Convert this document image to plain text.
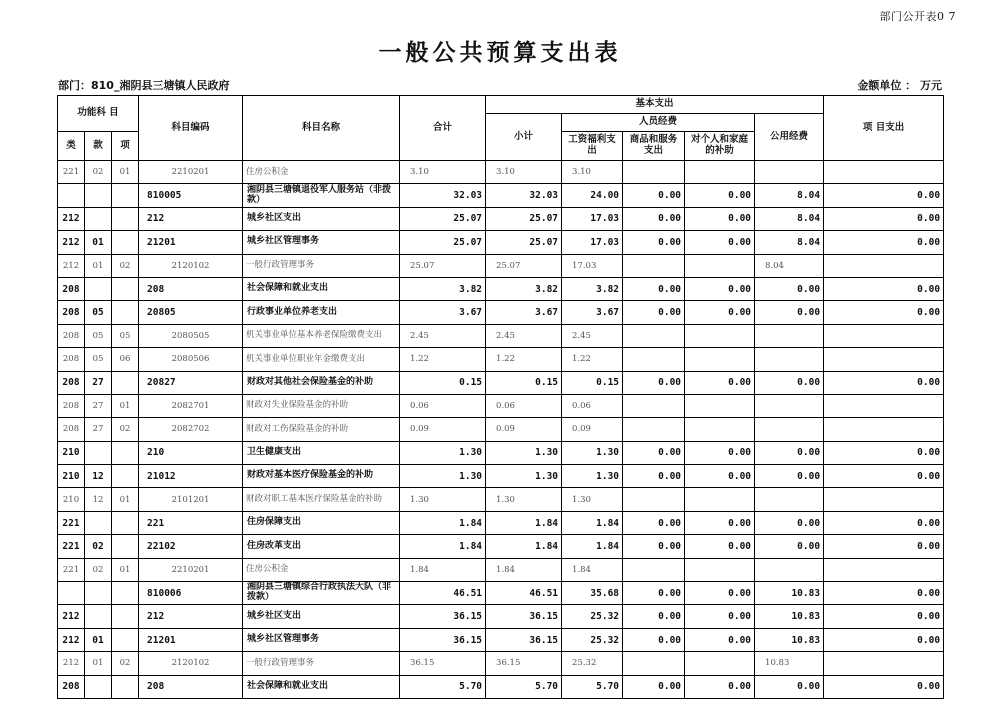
部门公开表0 7
一般公共预算支出表
部门：810_湘阴县三塘镇人民政府	金额单位 ： 万元
功能科 目			科目编码	科目名称	合计	基本支出					项 目支出
						小计	人员经费			公用经费	
类	款	项					工资福利支出	商品和服务支出	对个人和家庭的补助		
221	02	01	2210201	住房公积金	3.10	3.10	3.10				
			810005	湘阴县三塘镇退役军人服务站（非拨款）	32.03	32.03	24.00	0.00	0.00	8.04	0.00
212			212	城乡社区支出	25.07	25.07	17.03	0.00	0.00	8.04	0.00
212	01		21201	城乡社区管理事务	25.07	25.07	17.03	0.00	0.00	8.04	0.00
212	01	02	2120102	一般行政管理事务	25.07	25.07	17.03			8.04	
208			208	社会保障和就业支出	3.82	3.82	3.82	0.00	0.00	0.00	0.00
208	05		20805	行政事业单位养老支出	3.67	3.67	3.67	0.00	0.00	0.00	0.00
208	05	05	2080505	机关事业单位基本养老保险缴费支出	2.45	2.45	2.45				
208	05	06	2080506	机关事业单位职业年金缴费支出	1.22	1.22	1.22				
208	27		20827	财政对其他社会保险基金的补助	0.15	0.15	0.15	0.00	0.00	0.00	0.00
208	27	01	2082701	财政对失业保险基金的补助	0.06	0.06	0.06				
208	27	02	2082702	财政对工伤保险基金的补助	0.09	0.09	0.09				
210			210	卫生健康支出	1.30	1.30	1.30	0.00	0.00	0.00	0.00
210	12		21012	财政对基本医疗保险基金的补助	1.30	1.30	1.30	0.00	0.00	0.00	0.00
210	12	01	2101201	财政对职工基本医疗保险基金的补助	1.30	1.30	1.30				
221			221	住房保障支出	1.84	1.84	1.84	0.00	0.00	0.00	0.00
221	02		22102	住房改革支出	1.84	1.84	1.84	0.00	0.00	0.00	0.00
221	02	01	2210201	住房公积金	1.84	1.84	1.84				
			810006	湘阴县三塘镇综合行政执法大队（非拨款）	46.51	46.51	35.68	0.00	0.00	10.83	0.00
212			212	城乡社区支出	36.15	36.15	25.32	0.00	0.00	10.83	0.00
212	01		21201	城乡社区管理事务	36.15	36.15	25.32	0.00	0.00	10.83	0.00
212	01	02	2120102	一般行政管理事务	36.15	36.15	25.32			10.83	
208			208	社会保障和就业支出	5.70	5.70	5.70	0.00	0.00	0.00	0.00
